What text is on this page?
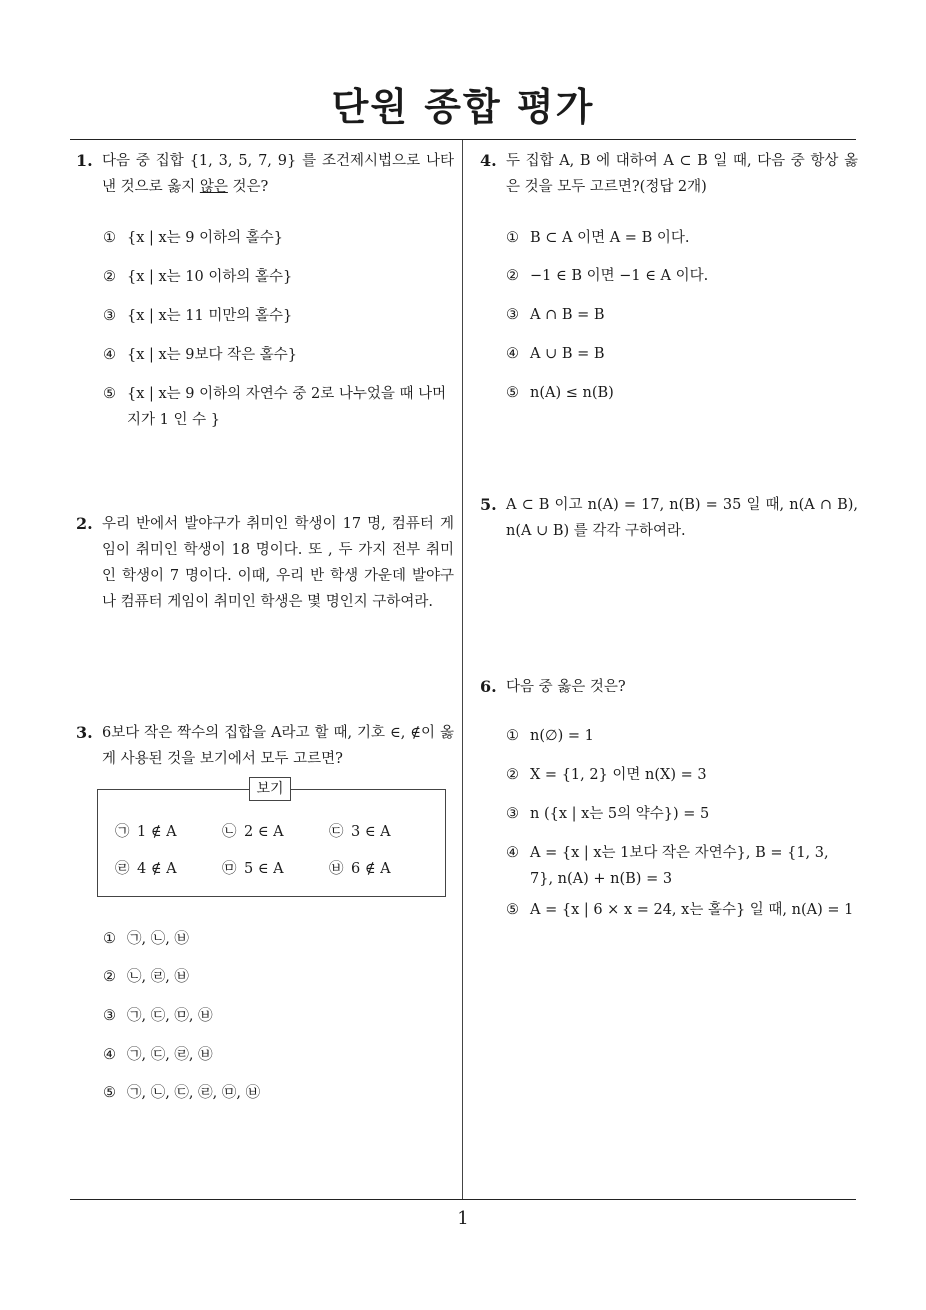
단원 종합 평가
1
1. 다음 중 집합 {1, 3, 5, 7, 9} 를 조건제시법으로 나타낸 것으로 옳지 않은 것은?
① {x | x는 9 이하의 홀수}
② {x | x는 10 이하의 홀수}
③ {x | x는 11 미만의 홀수}
④ {x | x는 9보다 작은 홀수}
⑤ {x | x는 9 이하의 자연수 중 2로 나누었을 때 나머지가 1 인 수 }
2. 우리 반에서 발야구가 취미인 학생이 17 명, 컴퓨터 게임이 취미인 학생이 18 명이다. 또 , 두 가지 전부 취미인 학생이 7 명이다. 이때, 우리 반 학생 가운데 발야구나 컴퓨터 게임이 취미인 학생은 몇 명인지 구하여라.
3. 6보다 작은 짝수의 집합을 A라고 할 때, 기호 ∈, ∉이 옳게 사용된 것을 보기에서 모두 고르면?
보기
㉠ 1 ∉ A	㉡ 2 ∈ A	㉢ 3 ∈ A
㉣ 4 ∉ A	㉤ 5 ∈ A	㉥ 6 ∉ A
① ㉠, ㉡, ㉥
② ㉡, ㉣, ㉥
③ ㉠, ㉢, ㉤, ㉥
④ ㉠, ㉢, ㉣, ㉥
⑤ ㉠, ㉡, ㉢, ㉣, ㉤, ㉥
4. 두 집합 A, B 에 대하여 A ⊂ B 일 때, 다음 중 항상 옳은 것을 모두 고르면?(정답 2개)
① B ⊂ A 이면 A = B 이다.
② −1 ∈ B 이면 −1 ∈ A 이다.
③ A ∩ B = B
④ A ∪ B = B
⑤ n(A) ≤ n(B)
5. A ⊂ B 이고 n(A) = 17, n(B) = 35 일 때, n(A ∩ B), n(A ∪ B) 를 각각 구하여라.
6. 다음 중 옳은 것은?
① n(∅) = 1
② X = {1, 2} 이면 n(X) = 3
③ n ({x | x는 5의 약수}) = 5
④ A = {x | x는 1보다 작은 자연수}, B = {1, 3, 7}, n(A) + n(B) = 3
⑤ A = {x | 6 × x = 24, x는 홀수} 일 때, n(A) = 1
